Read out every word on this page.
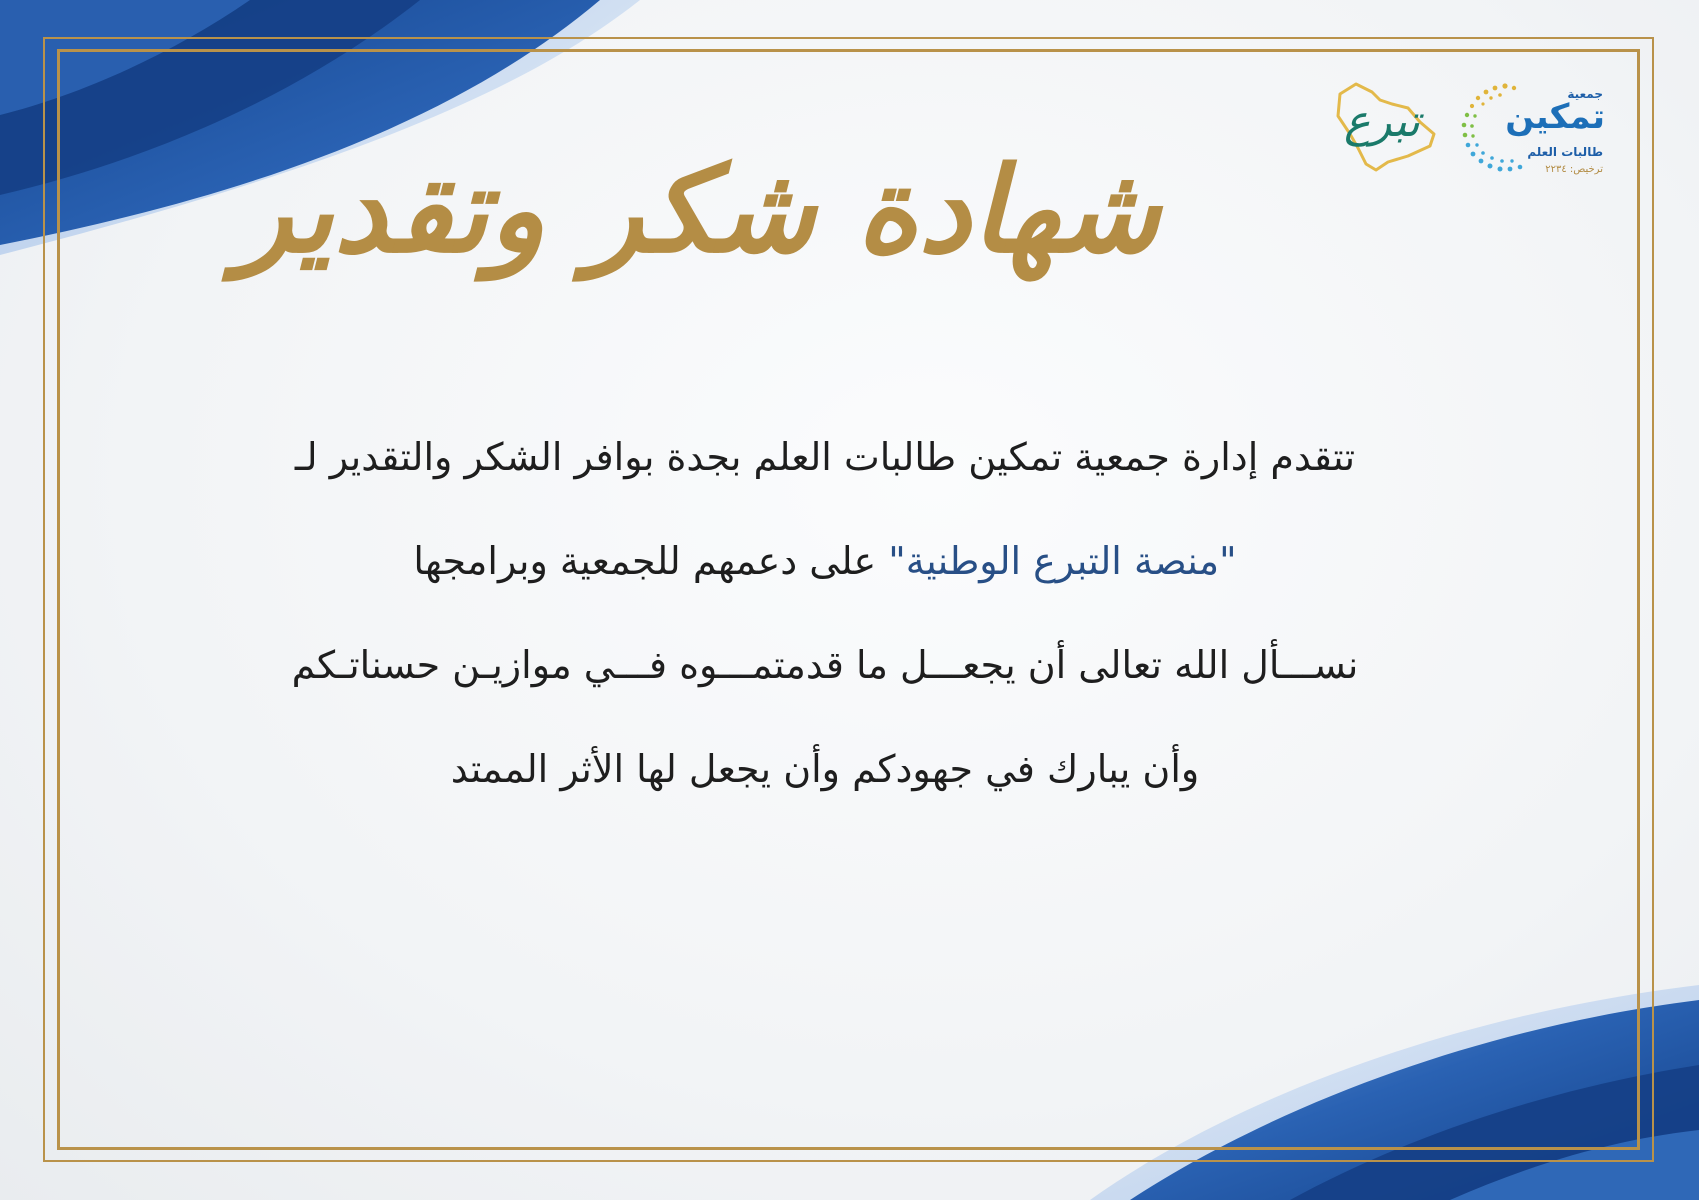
جمعية
تمكين
طالبات العلم
ترخيص: ٢٢٣٤
تبرع
شهادة شكر وتقدير
تتقدم إدارة جمعية تمكين طالبات العلم بجدة بوافر الشكر والتقدير لـ
"منصة التبرع الوطنية" على دعمهم للجمعية وبرامجها
نســـأل الله تعالى أن يجعـــل ما قدمتمـــوه فـــي موازيـن حسناتـكم
وأن يبارك في جهودكم وأن يجعل لها الأثر الممتد
